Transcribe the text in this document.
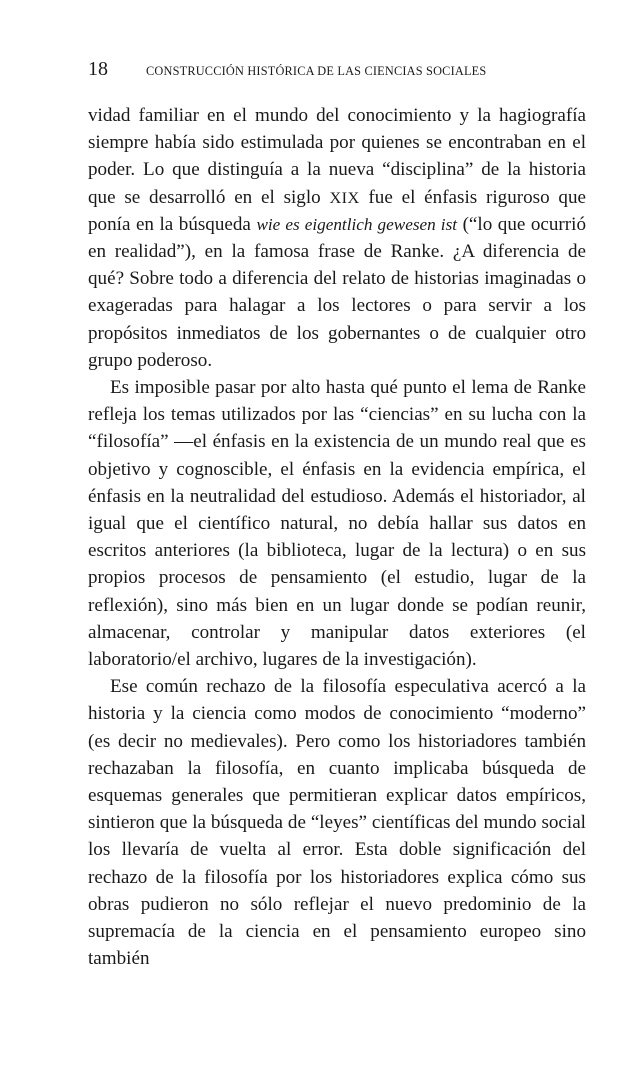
18	CONSTRUCCIÓN HISTÓRICA DE LAS CIENCIAS SOCIALES

vidad familiar en el mundo del conocimiento y la hagiografía siempre había sido estimulada por quienes se encontraban en el poder. Lo que distinguía a la nueva “disciplina” de la historia que se desarrolló en el siglo XIX fue el énfasis riguroso que ponía en la búsqueda wie es eigentlich gewesen ist (“lo que ocurrió en realidad”), en la famosa frase de Ranke. ¿A diferencia de qué? Sobre todo a diferencia del relato de historias imaginadas o exageradas para halagar a los lectores o para servir a los propósitos inmediatos de los gobernantes o de cualquier otro grupo poderoso.

Es imposible pasar por alto hasta qué punto el lema de Ranke refleja los temas utilizados por las “ciencias” en su lucha con la “filosofía” —el énfasis en la existencia de un mundo real que es objetivo y cognoscible, el énfasis en la evidencia empírica, el énfasis en la neutralidad del estudioso. Además el historiador, al igual que el científico natural, no debía hallar sus datos en escritos anteriores (la biblioteca, lugar de la lectura) o en sus propios procesos de pensamiento (el estudio, lugar de la reflexión), sino más bien en un lugar donde se podían reunir, almacenar, controlar y manipular datos exteriores (el laboratorio/el archivo, lugares de la investigación).

Ese común rechazo de la filosofía especulativa acercó a la historia y la ciencia como modos de conocimiento “moderno” (es decir no medievales). Pero como los historiadores también rechazaban la filosofía, en cuanto implicaba búsqueda de esquemas generales que permitieran explicar datos empíricos, sintieron que la búsqueda de “leyes” científicas del mundo social los llevaría de vuelta al error. Esta doble significación del rechazo de la filosofía por los historiadores explica cómo sus obras pudieron no sólo reflejar el nuevo predominio de la supremacía de la ciencia en el pensamiento europeo sino también
